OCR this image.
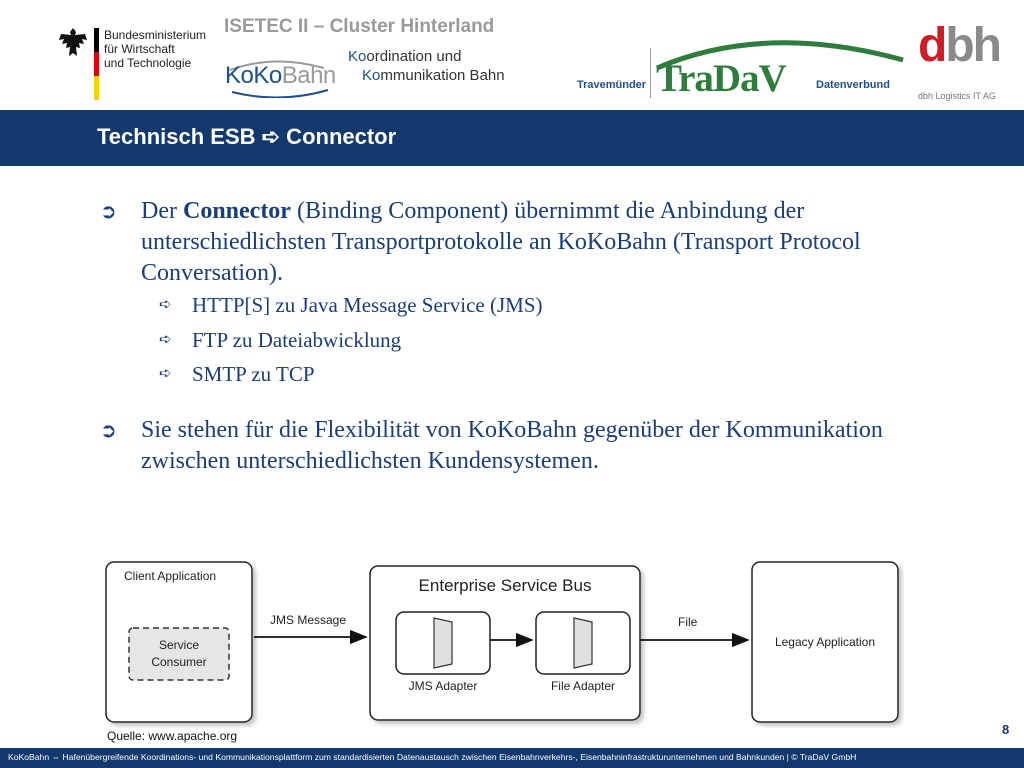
Bundesministerium
für Wirtschaft
und Technologie
ISETEC II – Cluster Hinterland
KoKoBahn
Koordination und
Kommunikation Bahn
Travemünder TraDaV	Datenverbund
dbh
dbh Logistics IT AG
Technisch ESB ➪ Connector
➲ Der Connector (Binding Component) übernimmt die Anbindung der unterschiedlichsten Transportprotokolle an KoKoBahn (Transport Protocol Conversation).
➪ HTTP[S] zu Java Message Service (JMS)
➪ FTP zu Dateiabwicklung
➪ SMTP zu TCP
➲ Sie stehen für die Flexibilität von KoKoBahn gegenüber der Kommunikation zwischen unterschiedlichsten Kundensystemen.
Client Application
Service
Consumer
JMS Message
Enterprise Service Bus
JMS Adapter	File Adapter
File
Legacy Application
Quelle: www.apache.org	8
KoKoBahn ⇔ Hafenübergreifende Koordinations- und Kommunikationsplattform zum standardisierten Datenaustausch zwischen Eisenbahnverkehrs-, Eisenbahninfrastrukturunternehmen und Bahnkunden | © TraDaV GmbH
